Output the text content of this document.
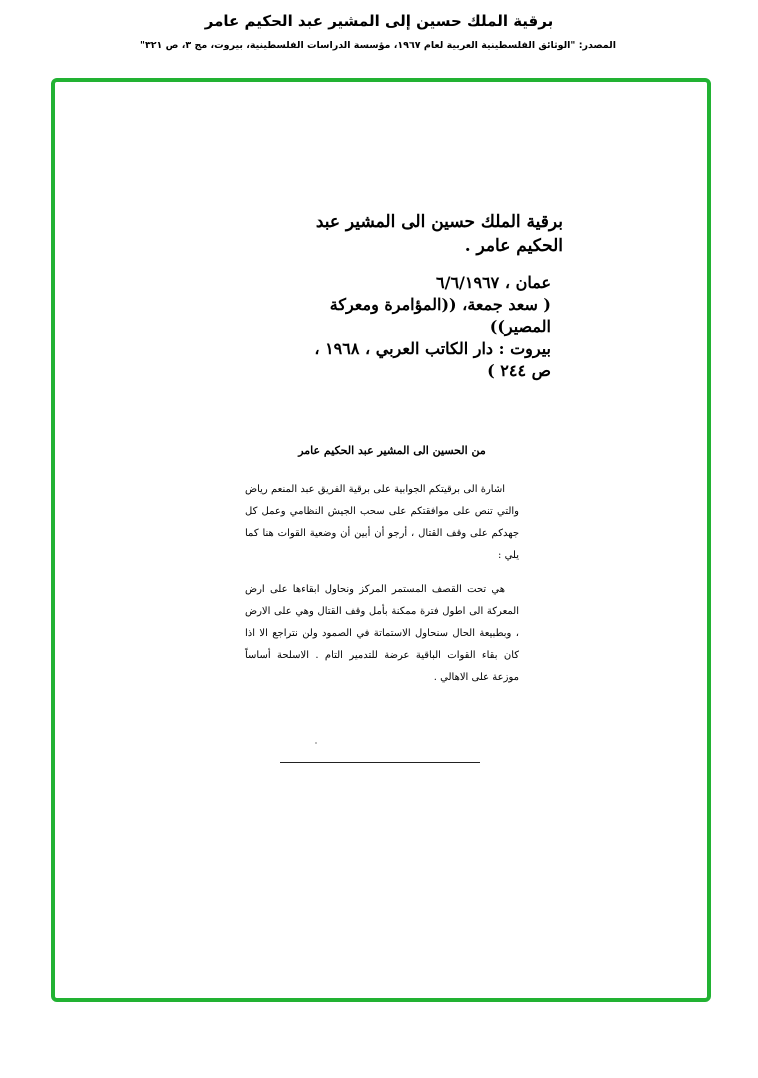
برقية الملك حسين إلى المشير عبد الحكيم عامر
المصدر: "الوثائق الفلسطينية العربية لعام ١٩٦٧، مؤسسة الدراسات الفلسطينية، بيروت، مج ٣، ص ٣٢١"
برقية الملك حسين الى المشير عبد الحكيم عامر .
عمان ، ٦/٦/١٩٦٧
( سعد جمعة، ((المؤامرة ومعركة المصير))
بيروت : دار الكاتب العربي ، ١٩٦٨ ،
ص ٢٤٤ )
من الحسين الى المشير عبد الحكيم عامر

اشارة الى برقيتكم الجوابية على برقية الفريق عبد المنعم رياض والتي تنص على موافقتكم على سحب الجيش النظامي وعمل كل جهدكم على وقف القتال ، أرجو أن أبين أن وضعية القوات هنا كما يلي :

هي تحت القصف المستمر المركز ونحاول ابقاءها على ارض المعركة الى اطول فترة ممكنة بأمل وقف القتال وهي على الارض ، وبطبيعة الحال سنحاول الاستماتة في الصمود ولن نتراجع الا اذا كان بقاء القوات الباقية عرضة للتدمير التام . الاسلحة أساساً موزعة على الاهالي .
